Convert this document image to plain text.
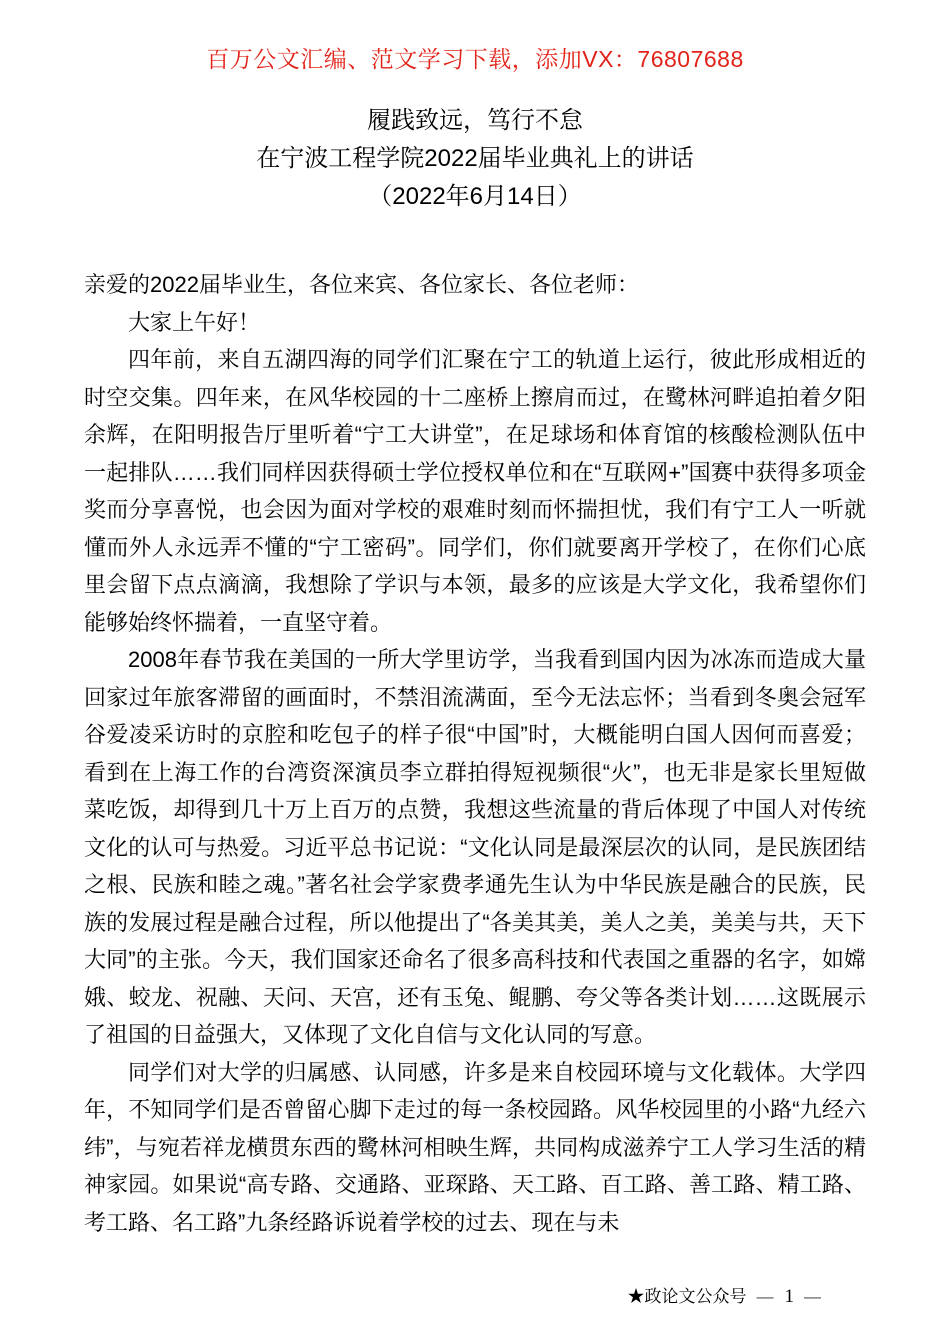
百万公文汇编、范文学习下载，添加VX：76807688
履践致远，笃行不怠
在宁波工程学院2022届毕业典礼上的讲话
（2022年6月14日）

亲爱的2022届毕业生，各位来宾、各位家长、各位老师：

大家上午好！

四年前，来自五湖四海的同学们汇聚在宁工的轨道上运行，彼此形成相近的时空交集。四年来，在风华校园的十二座桥上擦肩而过，在鹭林河畔追拍着夕阳余辉，在阳明报告厅里听着“宁工大讲堂”，在足球场和体育馆的核酸检测队伍中一起排队……我们同样因获得硕士学位授权单位和在“互联网+”国赛中获得多项金奖而分享喜悦，也会因为面对学校的艰难时刻而怀揣担忧，我们有宁工人一听就懂而外人永远弄不懂的“宁工密码”。同学们，你们就要离开学校了，在你们心底里会留下点点滴滴，我想除了学识与本领，最多的应该是大学文化，我希望你们能够始终怀揣着，一直坚守着。

2008年春节我在美国的一所大学里访学，当我看到国内因为冰冻而造成大量回家过年旅客滞留的画面时，不禁泪流满面，至今无法忘怀；当看到冬奥会冠军谷爱凌采访时的京腔和吃包子的样子很“中国”时，大概能明白国人因何而喜爱；看到在上海工作的台湾资深演员李立群拍得短视频很“火”，也无非是家长里短做菜吃饭，却得到几十万上百万的点赞，我想这些流量的背后体现了中国人对传统文化的认可与热爱。习近平总书记说：“文化认同是最深层次的认同，是民族团结之根、民族和睦之魂。”著名社会学家费孝通先生认为中华民族是融合的民族，民族的发展过程是融合过程，所以他提出了“各美其美，美人之美，美美与共，天下大同”的主张。今天，我们国家还命名了很多高科技和代表国之重器的名字，如嫦娥、蛟龙、祝融、天问、天宫，还有玉兔、鲲鹏、夸父等各类计划……这既展示了祖国的日益强大，又体现了文化自信与文化认同的写意。

同学们对大学的归属感、认同感，许多是来自校园环境与文化载体。大学四年，不知同学们是否曾留心脚下走过的每一条校园路。风华校园里的小路“九经六纬”，与宛若祥龙横贯东西的鹭林河相映生辉，共同构成滋养宁工人学习生活的精神家园。如果说“高专路、交通路、亚琛路、天工路、百工路、善工路、精工路、考工路、名工路”九条经路诉说着学校的过去、现在与未

★政论文公众号 — 1 —
